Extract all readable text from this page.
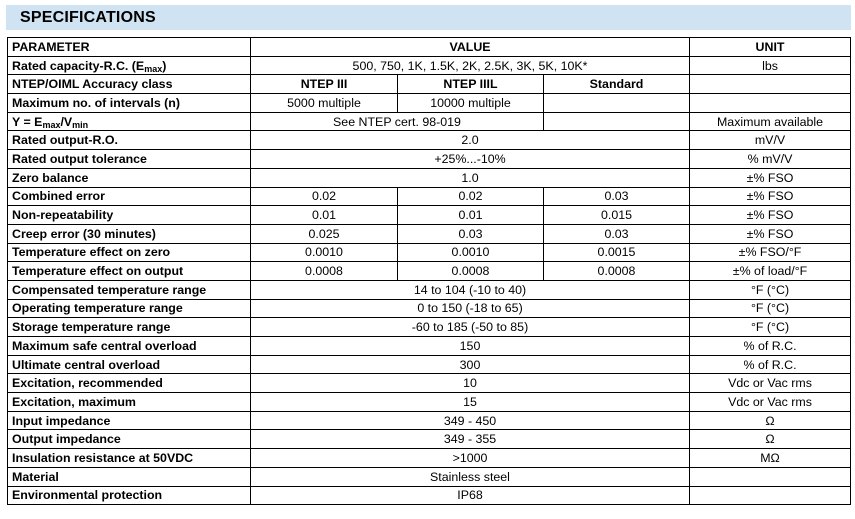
SPECIFICATIONS
PARAMETER	VALUE			UNIT
Rated capacity-R.C. $(E_{max})$	500, 750, 1K, 1.5K, 2K, 2.5K, 3K, 5K, 10K*			lbs
NTEP/OIML Accuracy class	NTEP III	NTEP IIIL	Standard	
Maximum no. of intervals (n)	5000 multiple	10000 multiple		
$Y = E_{max}/V_{min}$	See NTEP cert. 98-019			Maximum available
Rated output-R.O.	2.0			mV/V
Rated output tolerance	+25%...-10%			% mV/V
Zero balance	1.0			±% FSO
Combined error	0.02	0.02	0.03	±% FSO
Non-repeatability	0.01	0.01	0.015	±% FSO
Creep error (30 minutes)	0.025	0.03	0.03	±% FSO
Temperature effect on zero	0.0010	0.0010	0.0015	±% FSO/°F
Temperature effect on output	0.0008	0.0008	0.0008	±% of load/°F
Compensated temperature range	14 to 104 (-10 to 40)			°F (°C)
Operating temperature range	0 to 150 (-18 to 65)			°F (°C)
Storage temperature range	-60 to 185 (-50 to 85)			°F (°C)
Maximum safe central overload	150			% of R.C.
Ultimate central overload	300			% of R.C.
Excitation, recommended	10			Vdc or Vac rms
Excitation, maximum	15			Vdc or Vac rms
Input impedance	349 - 450			Ω
Output impedance	349 - 355			Ω
Insulation resistance at 50VDC	>1000			MΩ
Material	Stainless steel			
Environmental protection	IP68			
